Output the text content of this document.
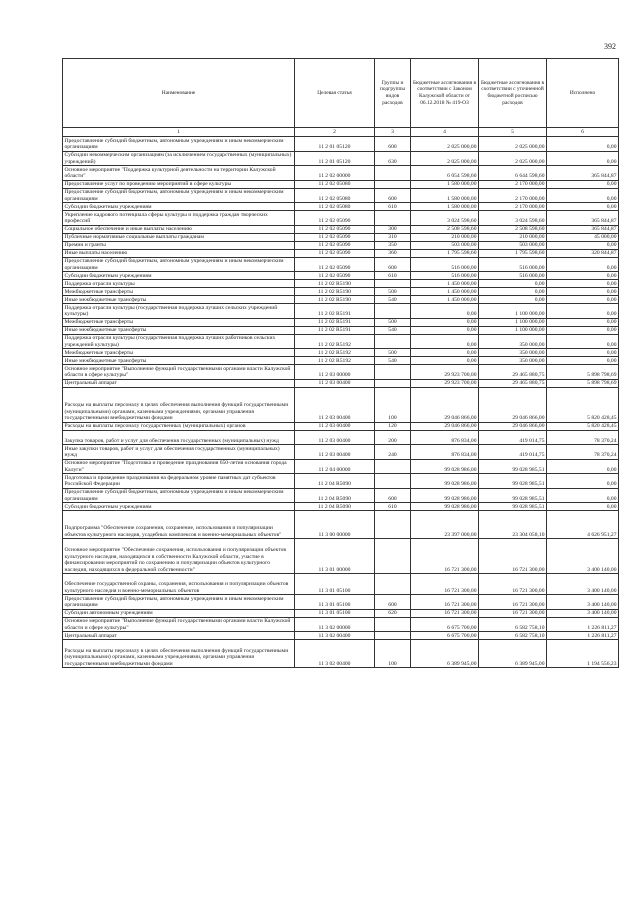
392
Наименование	Целевая статья	Группы и подгруппы видов расходов	Бюджетные ассигнования в соответствии с Законом Калужской области от 06.12.2018 № 419-ОЗ	Бюджетные ассигнования в соответствии с уточненной бюджетной росписью расходов	Исполнено
1	2	3	4	5	6
Предоставление субсидий бюджетным, автономным учреждениям и иным некоммерческим организациям	11 2 01 05120	600	2 025 000,00	2 025 000,00	0,00
Субсидии некоммерческим организациям (за исключением государственных (муниципальных) учреждений)	11 2 01 05120	630	2 025 000,00	2 025 000,00	0,00
Основное мероприятие "Поддержка культурной деятельности на территории Калужской области"	11 2 02 00000		6 054 598,60	6 644 598,60	365 844,87
Предоставление услуг по проведению мероприятий в сфере культуры	11 2 02 05080		1 580 000,00	2 170 000,00	0,00
Предоставление субсидий бюджетным, автономным учреждениям и иным некоммерческим организациям	11 2 02 05080	600	1 580 000,00	2 170 000,00	0,00
Субсидии бюджетным учреждениям	11 2 02 05080	610	1 580 000,00	2 170 000,00	0,00
Укрепление кадрового потенциала сферы культуры и поддержка граждан творческих профессий	11 2 02 05090		3 024 598,60	3 024 598,60	365 844,87
Социальное обеспечение и иные выплаты населению	11 2 02 05090	300	2 508 598,60	2 508 598,60	365 844,87
Публичные нормативные социальные выплаты гражданам	11 2 02 05090	310	210 000,00	210 000,00	45 000,00
Премии и гранты	11 2 02 05090	350	503 000,00	503 000,00	0,00
Иные выплаты населению	11 2 02 05090	360	1 795 598,60	1 795 598,60	320 844,87
Предоставление субсидий бюджетным, автономным учреждениям и иным некоммерческим организациям	11 2 02 05090	600	516 000,00	516 000,00	0,00
Субсидии бюджетным учреждениям	11 2 02 05090	610	516 000,00	516 000,00	0,00
Поддержка отрасли культуры	11 2 02 R5190		1 450 000,00	0,00	0,00
Межбюджетные трансферты	11 2 02 R5190	500	1 450 000,00	0,00	0,00
Иные межбюджетные трансферты	11 2 02 R5190	540	1 450 000,00	0,00	0,00
Поддержка отрасли культуры (государственная поддержка лучших сельских учреждений культуры)	11 2 02 R5191		0,00	1 100 000,00	0,00
Межбюджетные трансферты	11 2 02 R5191	500	0,00	1 100 000,00	0,00
Иные межбюджетные трансферты	11 2 02 R5191	540	0,00	1 100 000,00	0,00
Поддержка отрасли культуры (государственная поддержка лучших работников сельских учреждений культуры)	11 2 02 R5192		0,00	350 000,00	0,00
Межбюджетные трансферты	11 2 02 R5192	500	0,00	350 000,00	0,00
Иные межбюджетные трансферты	11 2 02 R5192	540	0,00	350 000,00	0,00
Основное мероприятие "Выполнение функций государственными органами власти Калужской области в сфере культуры"	11 2 03 00000		29 923 700,00	29 465 880,75	5 898 798,69
Центральный аппарат	11 2 03 00400		29 923 700,00	29 465 880,75	5 898 798,69
Расходы на выплаты персоналу в целях обеспечения выполнения функций государственными (муниципальными) органами, казенными учреждениями, органами управления государственными внебюджетными фондами	11 2 03 00400	100	29 046 866,00	29 046 866,00	5 820 428,45
Расходы на выплаты персоналу государственных (муниципальных) органов	11 2 03 00400	120	29 046 866,00	29 046 866,00	5 820 428,45
Закупка товаров, работ и услуг для обеспечения государственных (муниципальных) нужд	11 2 03 00400	200	876 834,00	419 014,75	78 370,24
Иные закупки товаров, работ и услуг для обеспечения государственных (муниципальных) нужд	11 2 03 00400	240	876 834,00	419 014,75	78 370,24
Основное мероприятие "Подготовка и проведение празднования 650-летия основания города Калуги"	11 2 04 00000		99 028 986,00	99 028 985,51	0,00
Подготовка и проведение празднования на федеральном уровне памятных дат субъектов Российской Федерации	11 2 04 R5090		99 028 986,00	99 028 985,51	0,00
Предоставление субсидий бюджетным, автономным учреждениям и иным некоммерческим организациям	11 2 04 R5090	600	99 028 986,00	99 028 985,51	0,00
Субсидии бюджетным учреждениям	11 2 04 R5090	610	99 028 986,00	99 028 985,51	0,00
Подпрограмма "Обеспечение сохранения, сохранение, использования и популяризации объектов культурного наследия, усадебных комплексов и военно-мемориальных объектов"	11 3 00 00000		23 397 000,00	23 304 058,10	4 626 951,27
Основное мероприятие "Обеспечение сохранения, использования и популяризации объектов культурного наследия, находящихся в собственности Калужской области, участие в финансировании мероприятий по сохранению и популяризации объектов культурного наследия, находящихся в федеральной собственности"	11 3 01 00000		16 721 300,00	16 721 300,00	3 400 140,00
Обеспечение государственной охраны, сохранения, использования и популяризации объектов культурного наследия и военно-мемориальных объектов	11 3 01 05100		16 721 300,00	16 721 300,00	3 400 140,00
Предоставление субсидий бюджетным, автономным учреждениям и иным некоммерческим организациям	11 3 01 05100	600	16 721 300,00	16 721 300,00	3 400 140,00
Субсидии автономным учреждениям	11 3 01 05100	620	16 721 300,00	16 721 300,00	3 400 140,00
Основное мероприятие "Выполнение функций государственными органами власти Калужской области и сфере культуры"	11 3 02 00000		6 675 700,00	6 582 758,10	1 226 811,27
Центральный аппарат	11 3 02 00400		6 675 700,00	6 582 758,10	1 226 811,27
Расходы на выплаты персоналу в целях обеспечения выполнения функций государственными (муниципальными) органами, казенными учреждениями, органами управления государственными внебюджетными фондами	11 3 02 00400	100	6 389 945,00	6 389 945,00	1 194 556,23
